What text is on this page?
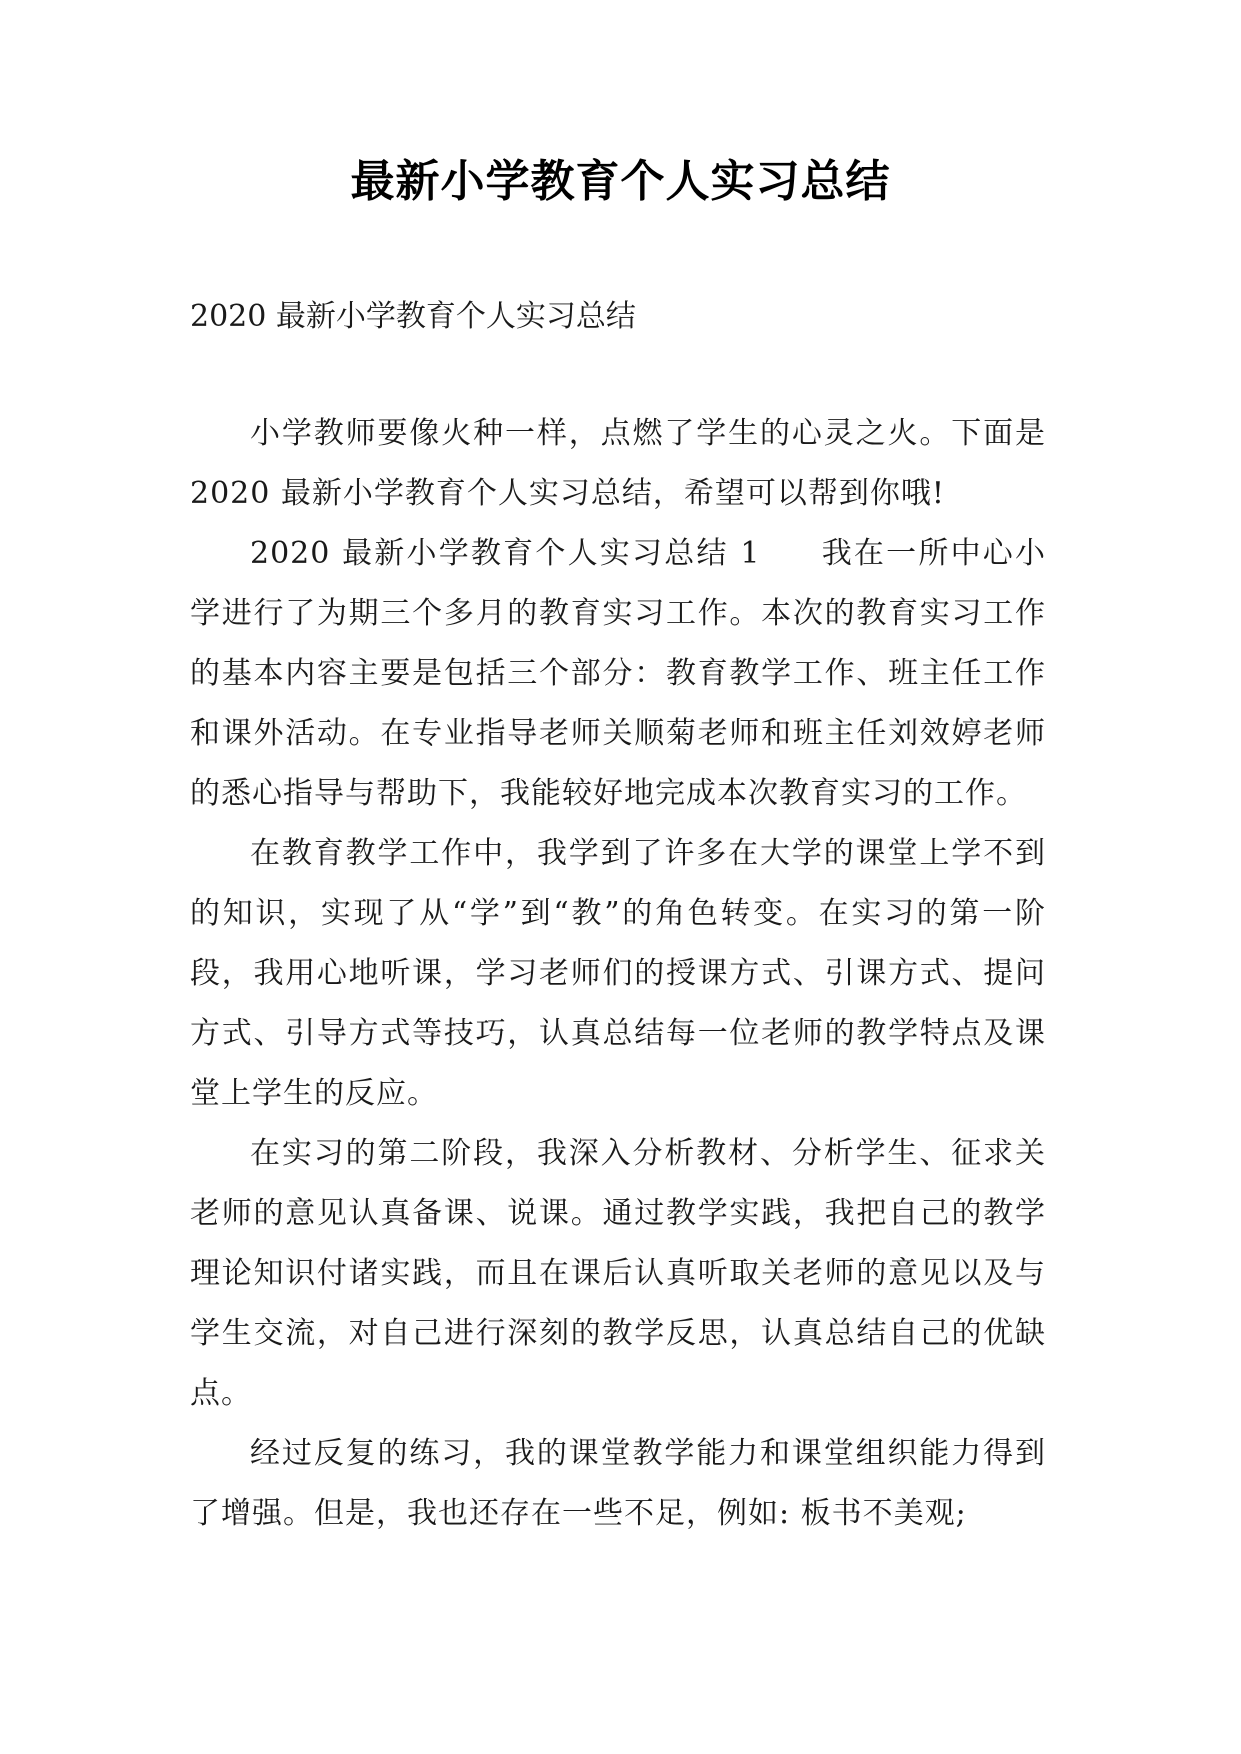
最新小学教育个人实习总结
2020 最新小学教育个人实习总结

小学教师要像火种一样，点燃了学生的心灵之火。下面是 2020 最新小学教育个人实习总结，希望可以帮到你哦!

2020 最新小学教育个人实习总结 1 我在一所中心小学进行了为期三个多月的教育实习工作。本次的教育实习工作的基本内容主要是包括三个部分：教育教学工作、班主任工作和课外活动。在专业指导老师关顺菊老师和班主任刘效婷老师的悉心指导与帮助下，我能较好地完成本次教育实习的工作。

在教育教学工作中，我学到了许多在大学的课堂上学不到的知识，实现了从“学”到“教”的角色转变。在实习的第一阶段，我用心地听课，学习老师们的授课方式、引课方式、提问方式、引导方式等技巧，认真总结每一位老师的教学特点及课堂上学生的反应。

在实习的第二阶段，我深入分析教材、分析学生、征求关老师的意见认真备课、说课。通过教学实践，我把自己的教学理论知识付诸实践，而且在课后认真听取关老师的意见以及与学生交流，对自己进行深刻的教学反思，认真总结自己的优缺点。

经过反复的练习，我的课堂教学能力和课堂组织能力得到了增强。但是，我也还存在一些不足，例如: 板书不美观;
